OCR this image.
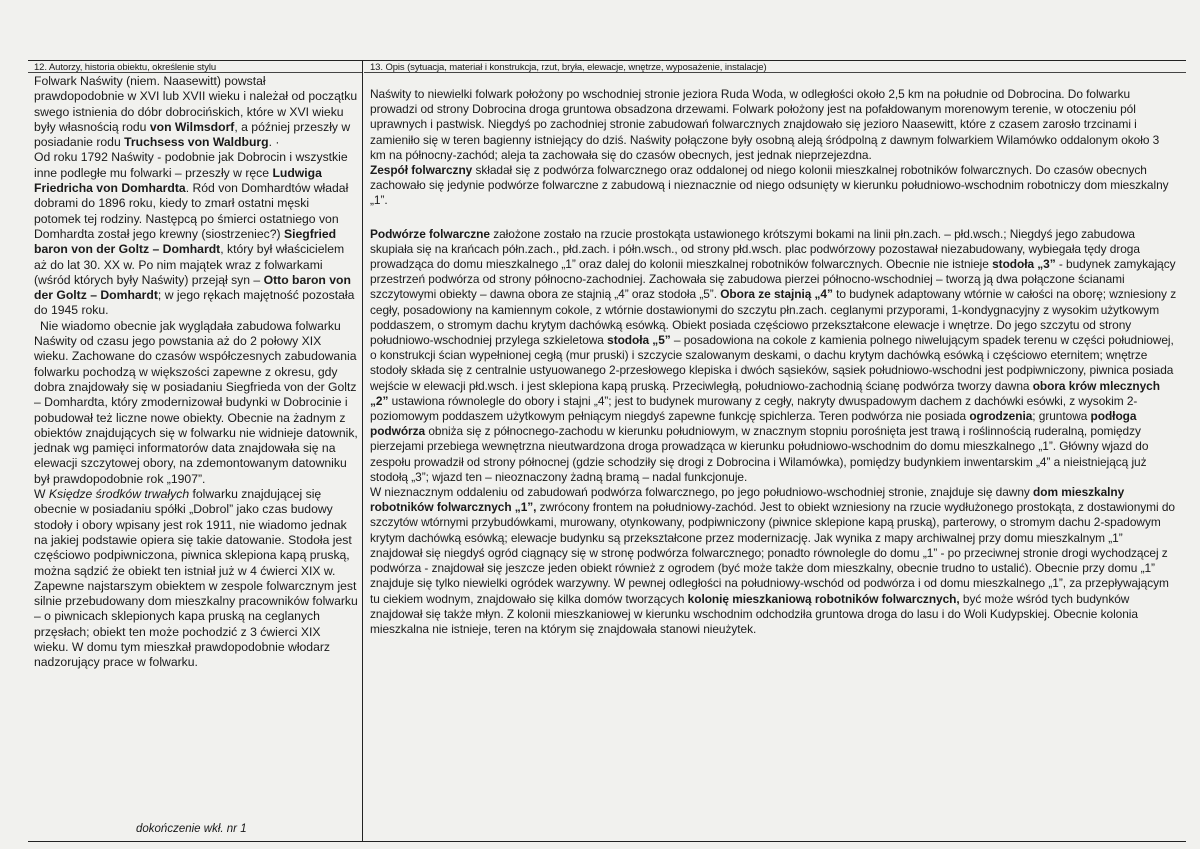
12. Autorzy, historia obiektu, określenie stylu

Folwark Naświty (niem. Naasewitt) powstał prawdopodobnie w XVI lub XVII wieku i należał od początku swego istnienia do dóbr dobrocińskich, które w XVI wieku były własnością rodu von Wilmsdorf, a później przeszły w posiadanie rodu Truchsess von Waldburg. ·

Od roku 1792 Naświty - podobnie jak Dobrocin i wszystkie inne podległe mu folwarki – przeszły w ręce Ludwiga Friedricha von Domhardta. Ród von Domhardtów władał dobrami do 1896 roku, kiedy to zmarł ostatni męski potomek tej rodziny. Następcą po śmierci ostatniego von Domhardta został jego krewny (siostrzeniec?) Siegfried baron von der Goltz – Domhardt, który był właścicielem aż do lat 30. XX w. Po nim majątek wraz z folwarkami (wśród których były Naświty) przejął syn – Otto baron von der Goltz – Domhardt; w jego rękach majętność pozostała do 1945 roku.

Nie wiadomo obecnie jak wyglądała zabudowa folwarku Naświty od czasu jego powstania aż do 2 połowy XIX wieku. Zachowane do czasów współczesnych zabudowania folwarku pochodzą w większości zapewne z okresu, gdy dobra znajdowały się w posiadaniu Siegfrieda von der Goltz – Domhardta, który zmodernizował budynki w Dobrocinie i pobudował też liczne nowe obiekty. Obecnie na żadnym z obiektów znajdujących się w folwarku nie widnieje datownik, jednak wg pamięci informatorów data znajdowała się na elewacji szczytowej obory, na zdemontowanym datowniku był prawdopodobnie rok „1907”.

W Księdze środków trwałych folwarku znajdującej się obecnie w posiadaniu spółki „Dobrol” jako czas budowy stodoły i obory wpisany jest rok 1911, nie wiadomo jednak na jakiej podstawie opiera się takie datowanie. Stodoła jest częściowo podpiwniczona, piwnica sklepiona kapą pruską, można sądzić że obiekt ten istniał już w 4 ćwierci XIX w. Zapewne najstarszym obiektem w zespole folwarcznym jest silnie przebudowany dom mieszkalny pracowników folwarku – o piwnicach sklepionych kapa pruską na ceglanych przęsłach; obiekt ten może pochodzić z 3 ćwierci XIX wieku. W domu tym mieszkał prawdopodobnie włodarz nadzorujący prace w folwarku.

dokończenie wkł. nr 1
13. Opis (sytuacja, materiał i konstrukcja, rzut, bryła, elewacje, wnętrze, wyposażenie, instalacje)

Naświty to niewielki folwark położony po wschodniej stronie jeziora Ruda Woda, w odległości około 2,5 km na południe od Dobrocina. Do folwarku prowadzi od strony Dobrocina droga gruntowa obsadzona drzewami. Folwark położony jest na pofałdowanym morenowym terenie, w otoczeniu pól uprawnych i pastwisk. Niegdyś po zachodniej stronie zabudowań folwarcznych znajdowało się jezioro Naasewitt, które z czasem zarosło trzcinami i zamieniło się w teren bagienny istniejący do dziś. Naświty połączone były osobną aleją śródpolną z dawnym folwarkiem Wilamówko oddalonym około 3 km na północny-zachód; aleja ta zachowała się do czasów obecnych, jest jednak nieprzejezdna.

Zespół folwarczny składał się z podwórza folwarcznego oraz oddalonej od niego kolonii mieszkalnej robotników folwarcznych. Do czasów obecnych zachowało się jedynie podwórze folwarczne z zabudową i nieznacznie od niego odsunięty w kierunku południowo-wschodnim robotniczy dom mieszkalny „1”.

Podwórze folwarczne założone zostało na rzucie prostokąta ustawionego krótszymi bokami na linii płn.zach. – płd.wsch.; Niegdyś jego zabudowa skupiała się na krańcach półn.zach., płd.zach. i półn.wsch., od strony płd.wsch. plac podwórzowy pozostawał niezabudowany, wybiegała tędy droga prowadząca do domu mieszkalnego „1” oraz dalej do kolonii mieszkalnej robotników folwarcznych. Obecnie nie istnieje stodoła „3” - budynek zamykający przestrzeń podwórza od strony północno-zachodniej. Zachowała się zabudowa pierzei północno-wschodniej – tworzą ją dwa połączone ścianami szczytowymi obiekty – dawna obora ze stajnią „4” oraz stodoła „5”. Obora ze stajnią „4” to budynek adaptowany wtórnie w całości na oborę; wzniesiony z cegły, posadowiony na kamiennym cokole, z wtórnie dostawionymi do szczytu płn.zach. ceglanymi przyporami, 1-kondygnacyjny z wysokim użytkowym poddaszem, o stromym dachu krytym dachówką esówką. Obiekt posiada częściowo przekształcone elewacje i wnętrze. Do jego szczytu od strony południowo-wschodniej przylega szkieletowa stodoła „5” – posadowiona na cokole z kamienia polnego niwelującym spadek terenu w części południowej, o konstrukcji ścian wypełnionej cegłą (mur pruski) i szczycie szalowanym deskami, o dachu krytym dachówką esówką i częściowo eternitem; wnętrze stodoły składa się z centralnie ustyuowanego 2-przesłowego klepiska i dwóch sąsieków, sąsiek południowo-wschodni jest podpiwniczony, piwnica posiada wejście w elewacji płd.wsch. i jest sklepiona kapą pruską. Przeciwległą, południowo-zachodnią ścianę podwórza tworzy dawna obora krów mlecznych „2” ustawiona równolegle do obory i stajni „4”; jest to budynek murowany z cegły, nakryty dwuspadowym dachem z dachówki esówki, z wysokim 2-poziomowym poddaszem użytkowym pełniącym niegdyś zapewne funkcję spichlerza. Teren podwórza nie posiada ogrodzenia; gruntowa podłoga podwórza obniża się z północnego-zachodu w kierunku południowym, w znacznym stopniu porośnięta jest trawą i roślinnością ruderalną, pomiędzy pierzejami przebiega wewnętrzna nieutwardzona droga prowadząca w kierunku południowo-wschodnim do domu mieszkalnego „1”. Główny wjazd do zespołu prowadził od strony północnej (gdzie schodziły się drogi z Dobrocina i Wilamówka), pomiędzy budynkiem inwentarskim „4” a nieistniejącą już stodołą „3”; wjazd ten – nieoznaczony żadną bramą – nadal funkcjonuje.

W nieznacznym oddaleniu od zabudowań podwórza folwarcznego, po jego południowo-wschodniej stronie, znajduje się dawny dom mieszkalny robotników folwarcznych „1”, zwrócony frontem na południowy-zachód. Jest to obiekt wzniesiony na rzucie wydłużonego prostokąta, z dostawionymi do szczytów wtórnymi przybudówkami, murowany, otynkowany, podpiwniczony (piwnice sklepione kapą pruską), parterowy, o stromym dachu 2-spadowym krytym dachówką esówką; elewacje budynku są przekształcone przez modernizację. Jak wynika z mapy archiwalnej przy domu mieszkalnym „1” znajdował się niegdyś ogród ciągnący się w stronę podwórza folwarcznego; ponadto równolegle do domu „1” - po przeciwnej stronie drogi wychodzącej z podwórza - znajdował się jeszcze jeden obiekt również z ogrodem (być może także dom mieszkalny, obecnie trudno to ustalić). Obecnie przy domu „1” znajduje się tylko niewielki ogródek warzywny. W pewnej odległości na południowy-wschód od podwórza i od domu mieszkalnego „1”, za przepływającym tu ciekiem wodnym, znajdowało się kilka domów tworzących kolonię mieszkaniową robotników folwarcznych, być może wśród tych budynków znajdował się także młyn. Z kolonii mieszkaniowej w kierunku wschodnim odchodziła gruntowa droga do lasu i do Woli Kudypskiej. Obecnie kolonia mieszkalna nie istnieje, teren na którym się znajdowała stanowi nieużytek.
